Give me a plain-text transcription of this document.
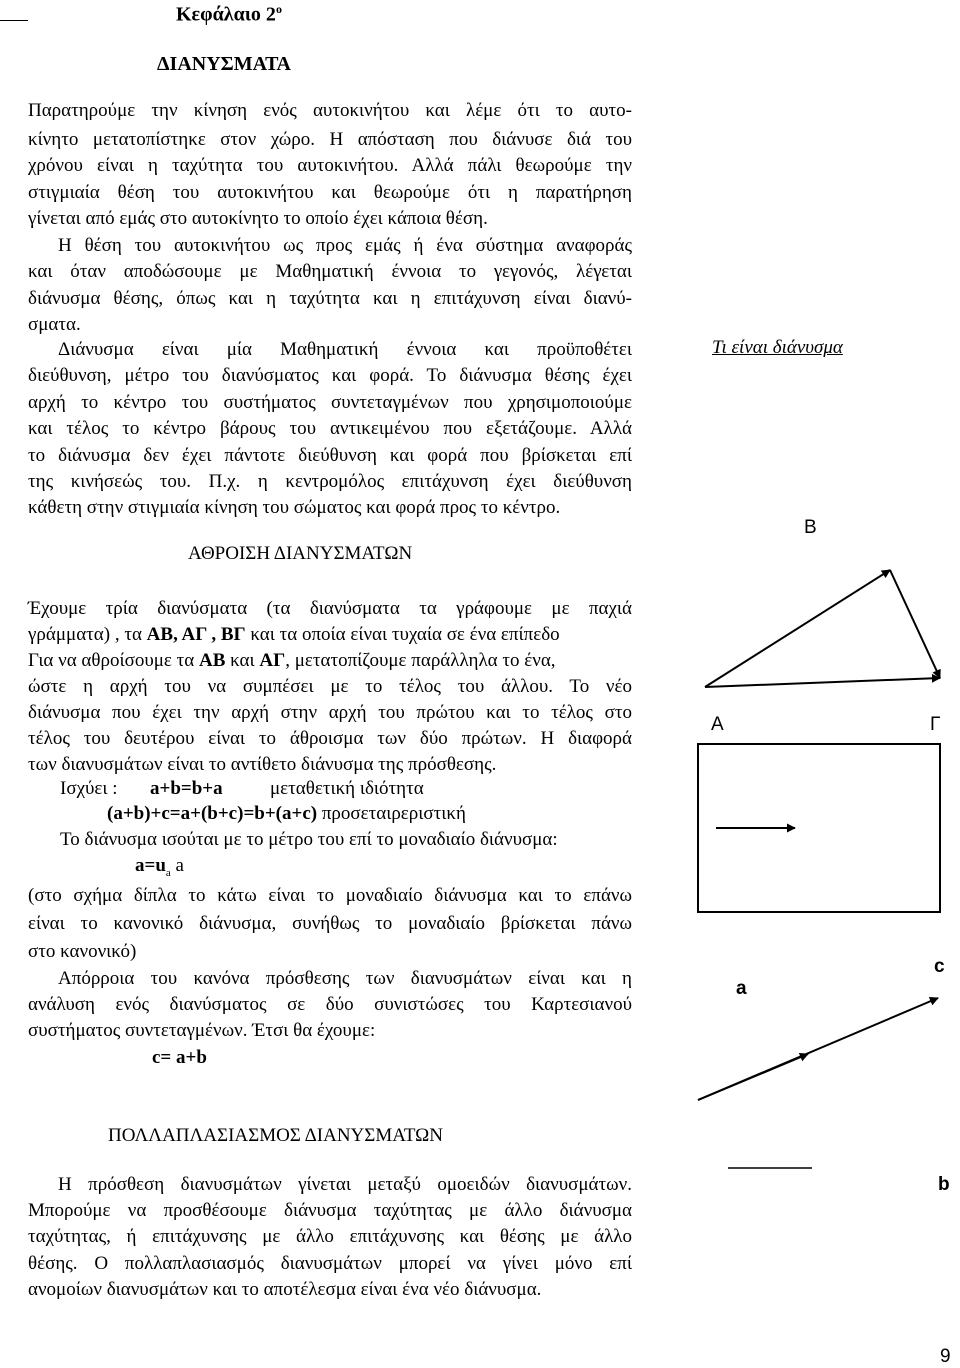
Κεφάλαιο $2^o$
ΔΙΑΝΥΣΜΑΤΑ
Παρατηρούμε την κίνηση ενός αυτοκινήτου και λέμε ότι το αυτο-
κίνητο μετατοπίστηκε στον χώρο. Η απόσταση που διάνυσε διά του
χρόνου είναι η ταχύτητα του αυτοκινήτου. Αλλά πάλι θεωρούμε την
στιγμιαία θέση του αυτοκινήτου και θεωρούμε ότι η παρατήρηση
γίνεται από εμάς στο αυτοκίνητο το οποίο έχει κάποια θέση.
Η θέση του αυτοκινήτου ως προς εμάς ή ένα σύστημα αναφοράς
και όταν αποδώσουμε με Μαθηματική έννοια το γεγονός, λέγεται
διάνυσμα θέσης, όπως και η ταχύτητα και η επιτάχυνση είναι διανύ-
σματα.
Διάνυσμα είναι μία Μαθηματική έννοια και προϋποθέτει
διεύθυνση, μέτρο του διανύσματος και φορά. Το διάνυσμα θέσης έχει
αρχή το κέντρο του συστήματος συντεταγμένων που χρησιμοποιούμε
και τέλος το κέντρο βάρους του αντικειμένου που εξετάζουμε. Αλλά
το διάνυσμα δεν έχει πάντοτε διεύθυνση και φορά που βρίσκεται επί
της κινήσεώς του. Π.χ. η κεντρομόλος επιτάχυνση έχει διεύθυνση
κάθετη στην στιγμιαία κίνηση του σώματος και φορά προς το κέντρο.
Τι είναι διάνυσμα
ΑΘΡΟΙΣΗ ΔΙΑΝΥΣΜΑΤΩΝ
Έχουμε τρία διανύσματα (τα διανύσματα τα γράφουμε με παχιά
γράμματα) , τα ΑΒ, ΑΓ , ΒΓ και τα οποία είναι τυχαία σε ένα επίπεδο
Για να αθροίσουμε τα ΑΒ και ΑΓ, μετατοπίζουμε παράλληλα το ένα,
ώστε η αρχή του να συμπέσει με το τέλος του άλλου. Το νέο
διάνυσμα που έχει την αρχή στην αρχή του πρώτου και το τέλος στο
τέλος του δευτέρου είναι το άθροισμα των δύο πρώτων. Η διαφορά
των διανυσμάτων είναι το αντίθετο διάνυσμα της πρόσθεσης.
Ισχύει : a+b=b+a μεταθετική ιδιότητα
(a+b)+c=a+(b+c)=b+(a+c) προσεταιρεριστική
Το διάνυσμα ισούται με το μέτρο του επί το μοναδιαίο διάνυσμα:
$a=u_a$ a
(στο σχήμα δίπλα το κάτω είναι το μοναδιαίο διάνυσμα και το επάνω
είναι το κανονικό διάνυσμα, συνήθως το μοναδιαίο βρίσκεται πάνω
στο κανονικό)
Απόρροια του κανόνα πρόσθεσης των διανυσμάτων είναι και η
ανάλυση ενός διανύσματος σε δύο συνιστώσες του Καρτεσιανού
συστήματος συντεταγμένων. Έτσι θα έχουμε:
c= a+b
ΠΟΛΛΑΠΛΑΣΙΑΣΜΟΣ ΔΙΑΝΥΣΜΑΤΩΝ
Η πρόσθεση διανυσμάτων γίνεται μεταξύ ομοειδών διανυσμάτων.
Μπορούμε να προσθέσουμε διάνυσμα ταχύτητας με άλλο διάνυσμα
ταχύτητας, ή επιτάχυνσης με άλλο επιτάχυνσης και θέσης με άλλο
θέσης. Ο πολλαπλασιασμός διανυσμάτων μπορεί να γίνει μόνο επί
ανομοίων διανυσμάτων και το αποτέλεσμα είναι ένα νέο διάνυσμα.
9
Β
Α	Γ
a
c
b
